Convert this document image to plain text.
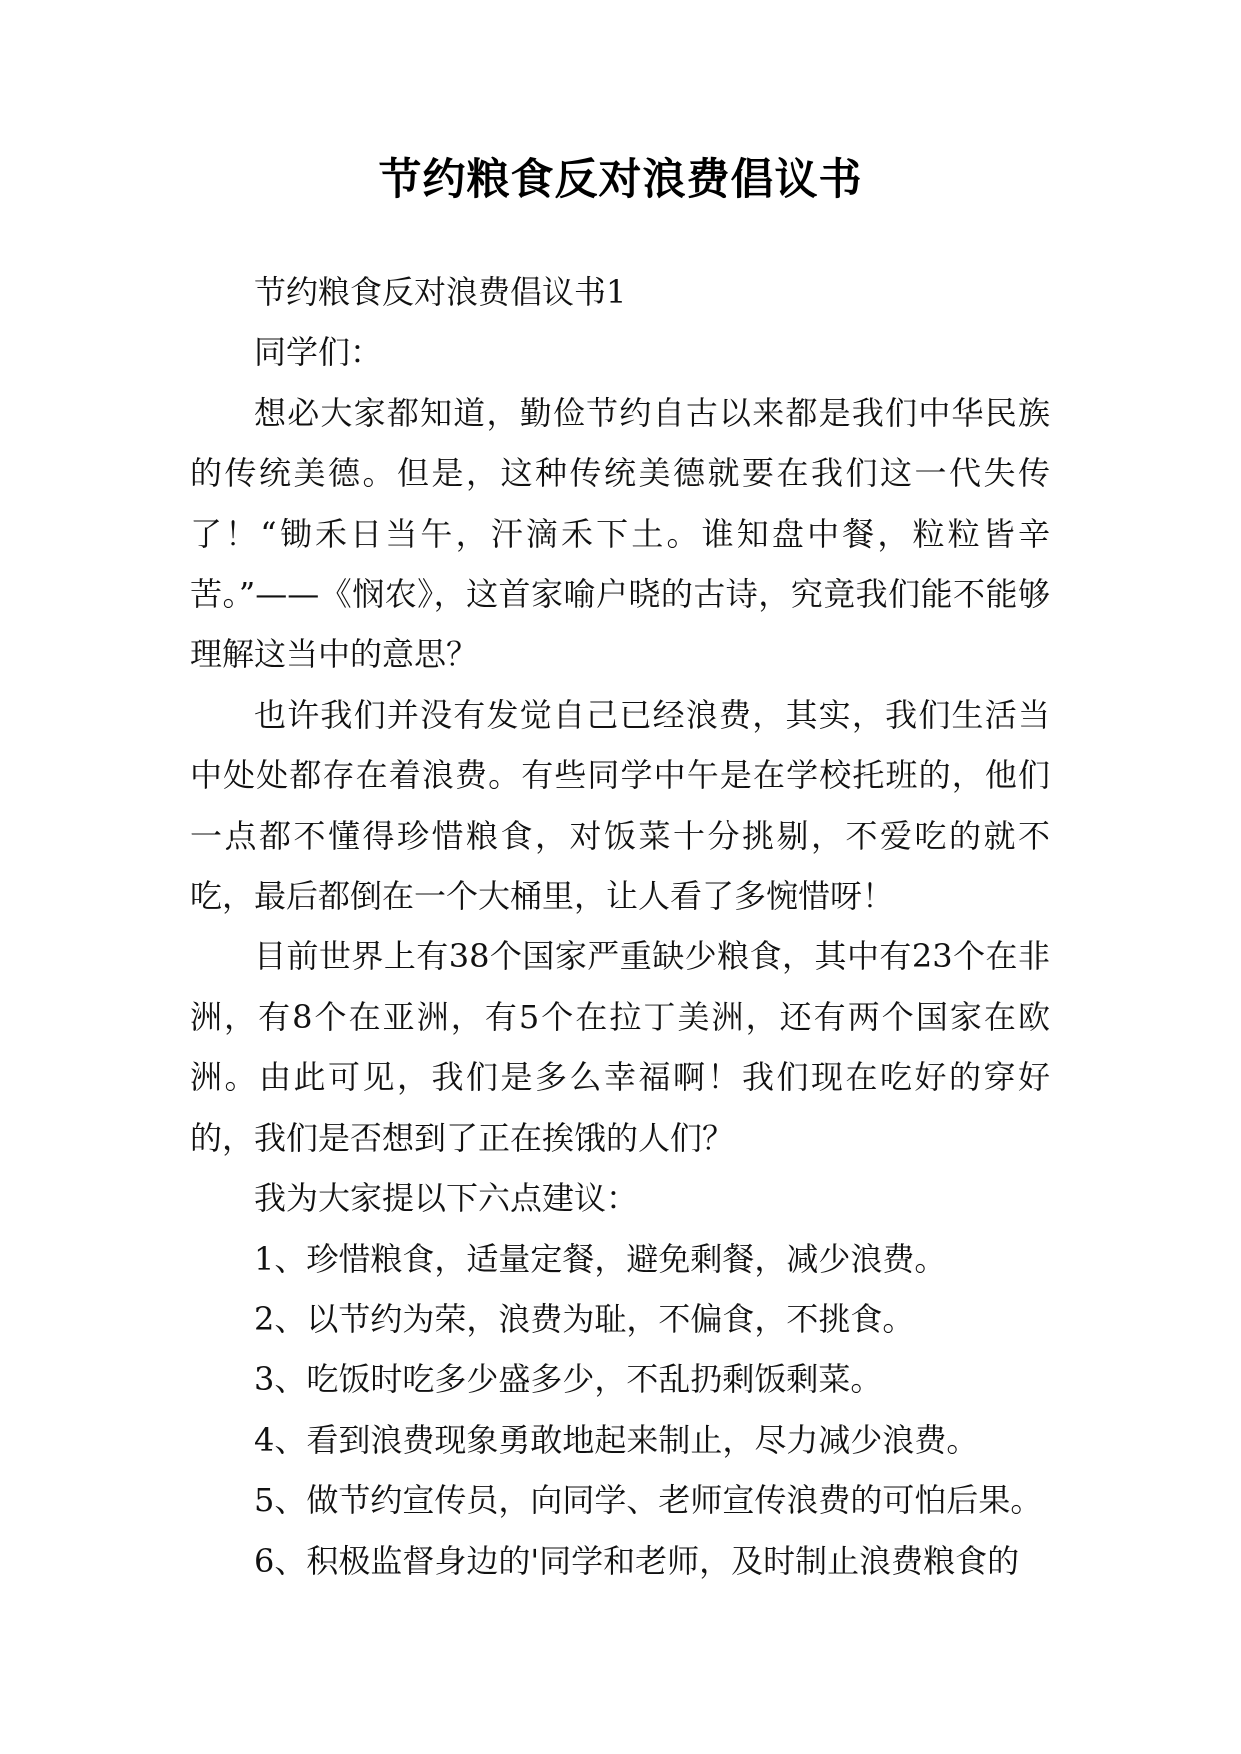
节约粮食反对浪费倡议书

节约粮食反对浪费倡议书1

同学们：

想必大家都知道，勤俭节约自古以来都是我们中华民族的传统美德。但是，这种传统美德就要在我们这一代失传了！“锄禾日当午，汗滴禾下土。谁知盘中餐，粒粒皆辛苦。”——《悯农》，这首家喻户晓的古诗，究竟我们能不能够理解这当中的意思？

也许我们并没有发觉自己已经浪费，其实，我们生活当中处处都存在着浪费。有些同学中午是在学校托班的，他们一点都不懂得珍惜粮食，对饭菜十分挑剔，不爱吃的就不吃，最后都倒在一个大桶里，让人看了多惋惜呀！

目前世界上有38个国家严重缺少粮食，其中有23个在非洲，有8个在亚洲，有5个在拉丁美洲，还有两个国家在欧洲。由此可见，我们是多么幸福啊！我们现在吃好的穿好的，我们是否想到了正在挨饿的人们？

我为大家提以下六点建议：

1、珍惜粮食，适量定餐，避免剩餐，减少浪费。

2、以节约为荣，浪费为耻，不偏食，不挑食。

3、吃饭时吃多少盛多少，不乱扔剩饭剩菜。

4、看到浪费现象勇敢地起来制止，尽力减少浪费。

5、做节约宣传员，向同学、老师宣传浪费的可怕后果。

6、积极监督身边的'同学和老师，及时制止浪费粮食的
